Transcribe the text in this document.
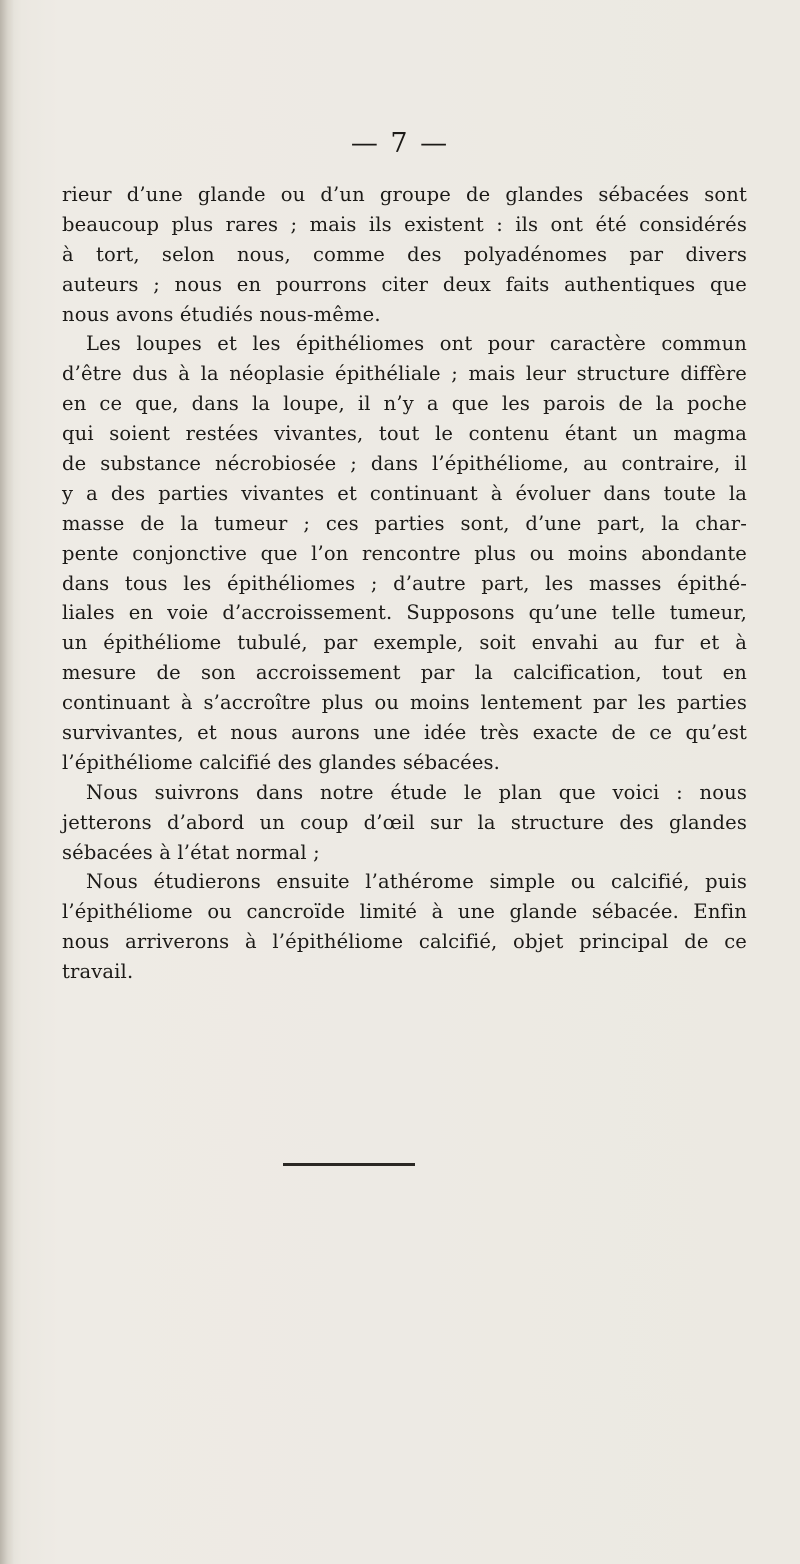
— 7 —
rieur d’une glande ou d’un groupe de glandes sébacées sont
beaucoup plus rares ; mais ils existent : ils ont été considérés
à tort, selon nous, comme des polyadénomes par divers
auteurs ; nous en pourrons citer deux faits authentiques que
nous avons étudiés nous-même.
Les loupes et les épithéliomes ont pour caractère commun
d’être dus à la néoplasie épithéliale ; mais leur structure diffère
en ce que, dans la loupe, il n’y a que les parois de la poche
qui soient restées vivantes, tout le contenu étant un magma
de substance nécrobiosée ; dans l’épithéliome, au contraire, il
y a des parties vivantes et continuant à évoluer dans toute la
masse de la tumeur ; ces parties sont, d’une part, la char-
pente conjonctive que l’on rencontre plus ou moins abondante
dans tous les épithéliomes ; d’autre part, les masses épithé-
liales en voie d’accroissement. Supposons qu’une telle tumeur,
un épithéliome tubulé, par exemple, soit envahi au fur et à
mesure de son accroissement par la calcification, tout en
continuant à s’accroître plus ou moins lentement par les parties
survivantes, et nous aurons une idée très exacte de ce qu’est
l’épithéliome calcifié des glandes sébacées.
Nous suivrons dans notre étude le plan que voici : nous
jetterons d’abord un coup d’œil sur la structure des glandes
sébacées à l’état normal ;
Nous étudierons ensuite l’athérome simple ou calcifié, puis
l’épithéliome ou cancroïde limité à une glande sébacée. Enfin
nous arriverons à l’épithéliome calcifié, objet principal de ce
travail.
